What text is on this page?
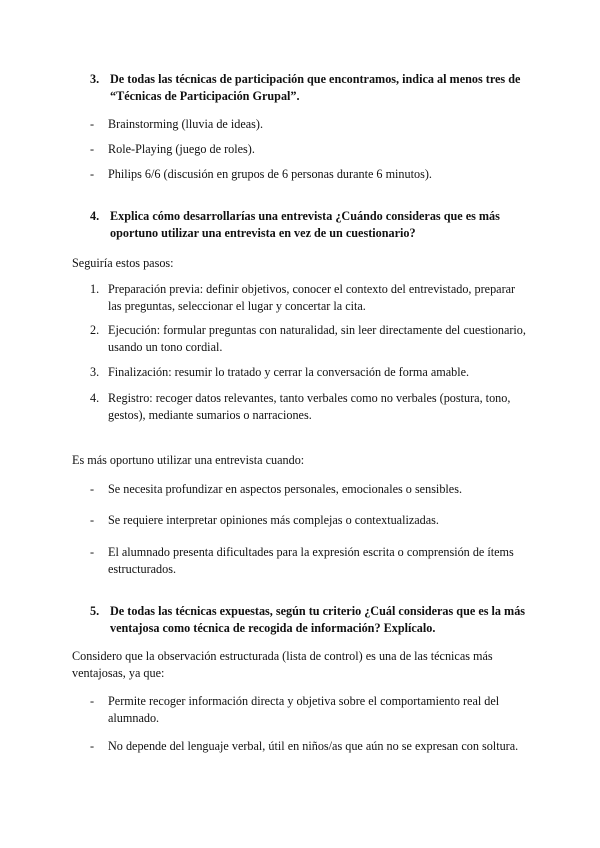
3. De todas las técnicas de participación que encontramos, indica al menos tres de “Técnicas de Participación Grupal”.
-	Brainstorming (lluvia de ideas).
-	Role-Playing (juego de roles).
-	Philips 6/6 (discusión en grupos de 6 personas durante 6 minutos).
4. Explica cómo desarrollarías una entrevista ¿Cuándo consideras que es más oportuno utilizar una entrevista en vez de un cuestionario?
Seguiría estos pasos:
1. Preparación previa: definir objetivos, conocer el contexto del entrevistado, preparar las preguntas, seleccionar el lugar y concertar la cita.
2. Ejecución: formular preguntas con naturalidad, sin leer directamente del cuestionario, usando un tono cordial.
3. Finalización: resumir lo tratado y cerrar la conversación de forma amable.
4. Registro: recoger datos relevantes, tanto verbales como no verbales (postura, tono, gestos), mediante sumarios o narraciones.
Es más oportuno utilizar una entrevista cuando:
-	Se necesita profundizar en aspectos personales, emocionales o sensibles.
-	Se requiere interpretar opiniones más complejas o contextualizadas.
-	El alumnado presenta dificultades para la expresión escrita o comprensión de ítems estructurados.
5. De todas las técnicas expuestas, según tu criterio ¿Cuál consideras que es la más ventajosa como técnica de recogida de información? Explícalo.
Considero que la observación estructurada (lista de control) es una de las técnicas más ventajosas, ya que:
-	Permite recoger información directa y objetiva sobre el comportamiento real del alumnado.
-	No depende del lenguaje verbal, útil en niños/as que aún no se expresan con soltura.
